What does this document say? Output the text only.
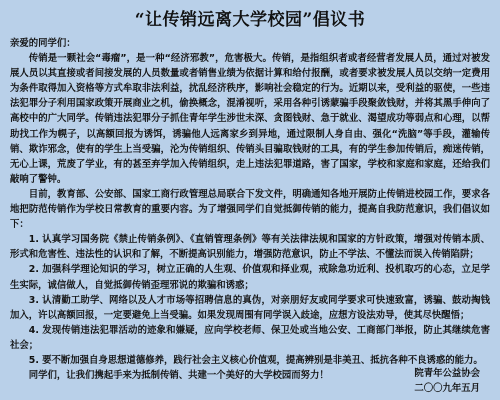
“让传销远离大学校园”倡议书

亲爱的同学们：

传销是一颗社会“毒瘤”，是一种“经济邪教”，危害极大。传销，是指组织者或者经营者发展人员，通过对被发展人员以其直接或者间接发展的人员数量或者销售业绩为依据计算和给付报酬，或者要求被发展人员以交纳一定费用为条件取得加入资格等方式牟取非法利益，扰乱经济秩序，影响社会稳定的行为。近期以来，受利益的驱使，一些违法犯罪分子利用国家政策开展商业之机，偷换概念，混淆视听，采用各种引诱蒙骗手段聚敛钱财，并将其黑手伸向了高校中的广大同学。传销违法犯罪分子抓住青年学生涉世未深、贪图钱财、急于就业、渴望成功等弱点和心理，以帮助找工作为幌子，以高额回报为诱饵，诱骗他人远离家乡到异地，通过限制人身自由、强化“洗脑”等手段，灌输传销、欺诈邪念，使有的学生上当受骗，沦为传销组织、传销头目骗取钱财的工具，有的学生参加传销后，痴迷传销，无心上课，荒废了学业，有的甚至弃学加入传销组织，走上违法犯罪道路，害了国家，学校和家庭和家庭，还给我们敲响了警钟。

目前，教育部、公安部、国家工商行政管理总局联合下发文件，明确通知各地开展防止传销进校园工作，要求各地把防范传销作为学校日常教育的重要内容。为了增强同学们自觉抵御传销的能力，提高自我防范意识，我们倡议如下：

1. 认真学习国务院《禁止传销条例》、《直销管理条例》等有关法律法规和国家的方针政策，增强对传销本质、形式和危害性、违法性的认识和了解，不断提高识别能力，增强防范意识，防止不学法、不懂法而误入传销陷阱；

2. 加强科学理论知识的学习，树立正确的人生观、价值观和择业观，戒除急功近利、投机取巧的心态，立足学生实际，诚信做人，自觉抵御传销歪理邪说的欺骗和诱惑；

3. 认清勤工助学、网络以及人才市场等招聘信息的真伪，对亲朋好友或同学要求可快速致富，诱骗、鼓动掏钱加入，许以高额回报，一定要避免上当受骗。如果发现周围有同学误入歧途，应想方设法劝导，使其尽快醒悟；

4. 发现传销违法犯罪活动的迹象和嫌疑，应向学校老师、保卫处或当地公安、工商部门举报，防止其继续危害社会；

5. 要不断加强自身思想道德修养，践行社会主义核心价值观，提高辨别是非美丑、抵抗各种不良诱惑的能力。

同学们，让我们携起手来为抵制传销、共建一个美好的大学校园而努力！	院青年公益协会
二〇〇九年五月
